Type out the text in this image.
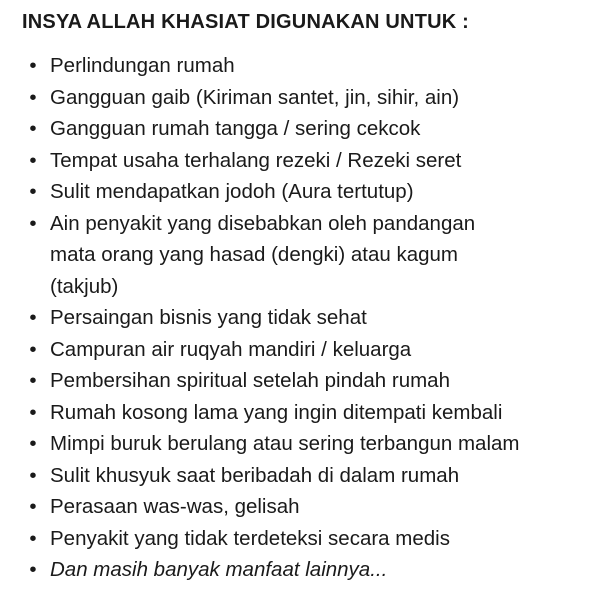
INSYA ALLAH KHASIAT DIGUNAKAN UNTUK :
• Perlindungan rumah
• Gangguan gaib (Kiriman santet, jin, sihir, ain)
• Gangguan rumah tangga / sering cekcok
• Tempat usaha terhalang rezeki / Rezeki seret
• Sulit mendapatkan jodoh (Aura tertutup)
• Ain penyakit yang disebabkan oleh pandangan
mata orang yang hasad (dengki) atau kagum
(takjub)
• Persaingan bisnis yang tidak sehat
• Campuran air ruqyah mandiri / keluarga
• Pembersihan spiritual setelah pindah rumah
• Rumah kosong lama yang ingin ditempati kembali
• Mimpi buruk berulang atau sering terbangun malam
• Sulit khusyuk saat beribadah di dalam rumah
• Perasaan was-was, gelisah
• Penyakit yang tidak terdeteksi secara medis
• Dan masih banyak manfaat lainnya...
